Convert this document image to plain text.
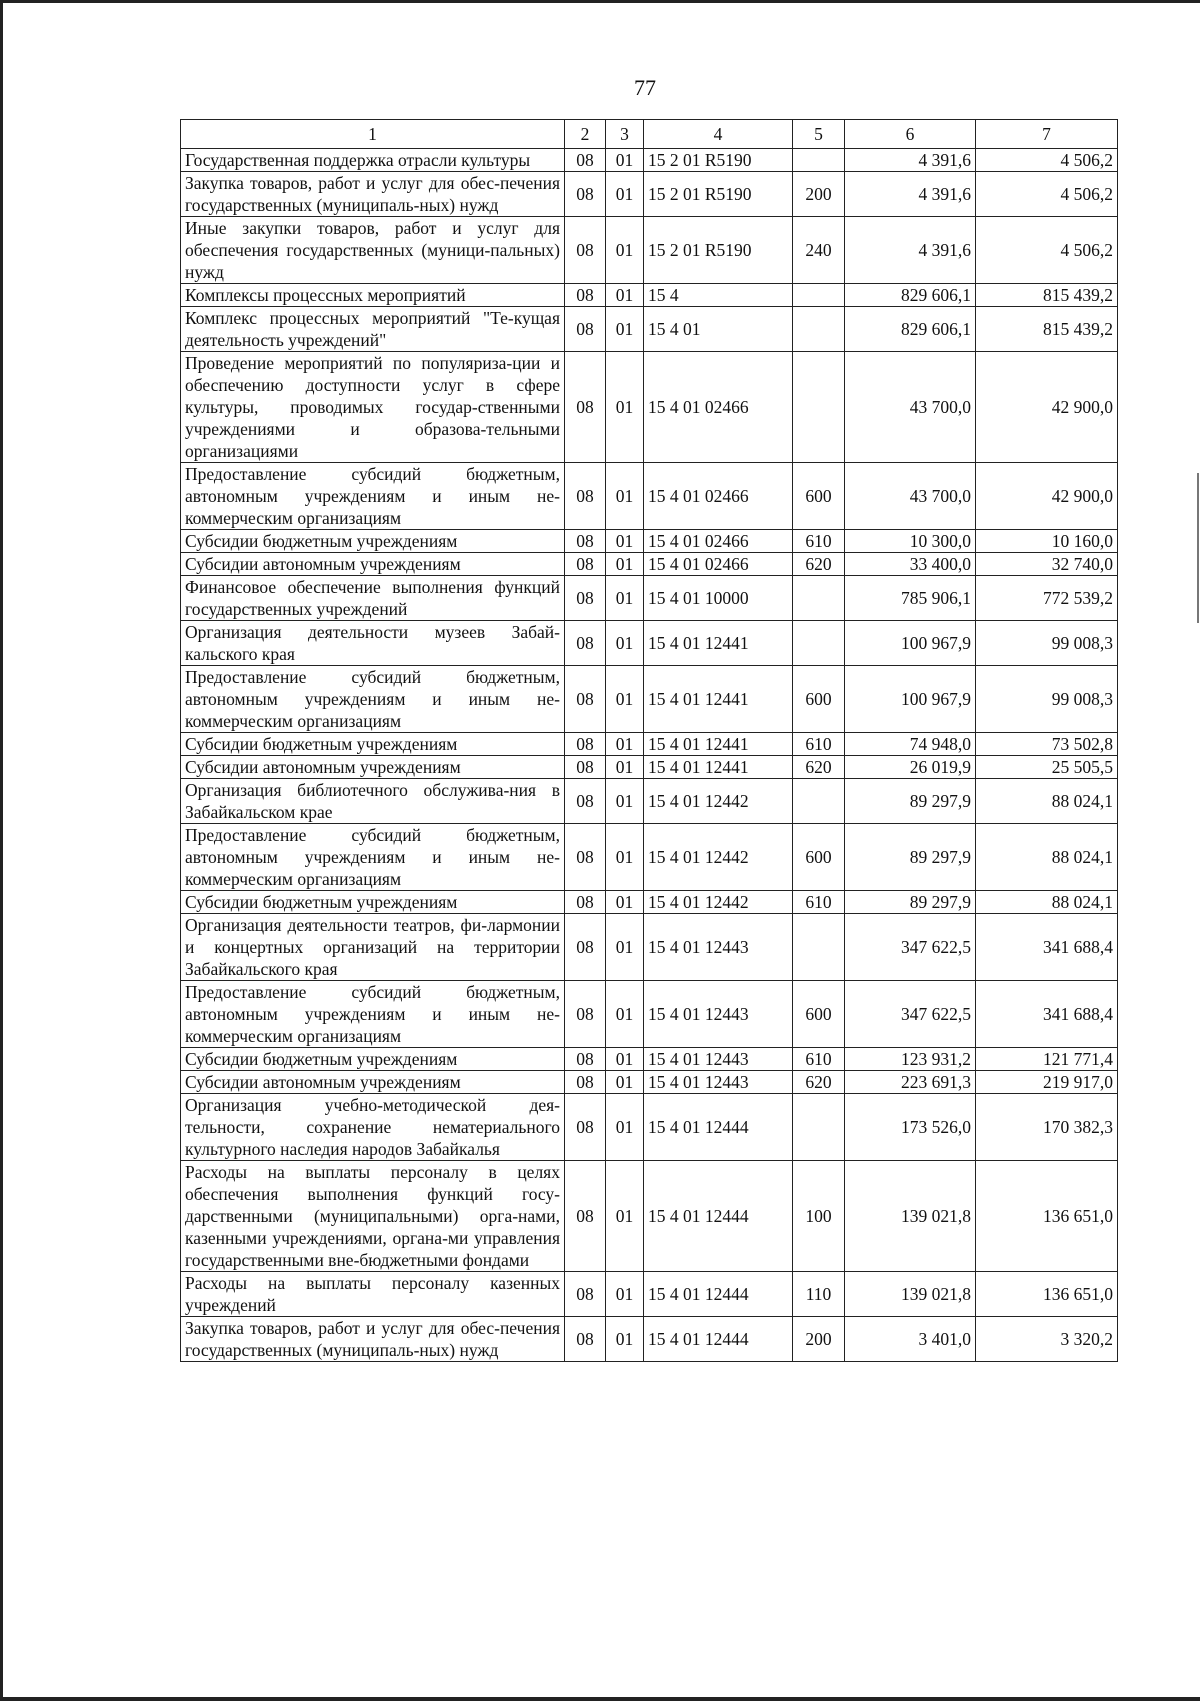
77
1	2	3	4	5	6	7
Государственная поддержка отрасли культуры	08	01	15 2 01 R5190		4 391,6	4 506,2
Закупка товаров, работ и услуг для обес-печения государственных (муниципаль-ных) нужд	08	01	15 2 01 R5190	200	4 391,6	4 506,2
Иные закупки товаров, работ и услуг для обеспечения государственных (муници-пальных) нужд	08	01	15 2 01 R5190	240	4 391,6	4 506,2
Комплексы процессных мероприятий	08	01	15 4		829 606,1	815 439,2
Комплекс процессных мероприятий "Те-кущая деятельность учреждений"	08	01	15 4 01		829 606,1	815 439,2
Проведение мероприятий по популяриза-ции и обеспечению доступности услуг в сфере культуры, проводимых государ-ственными учреждениями и образова-тельными организациями	08	01	15 4 01 02466		43 700,0	42 900,0
Предоставление субсидий бюджетным, автономным учреждениям и иным не-коммерческим организациям	08	01	15 4 01 02466	600	43 700,0	42 900,0
Субсидии бюджетным учреждениям	08	01	15 4 01 02466	610	10 300,0	10 160,0
Субсидии автономным учреждениям	08	01	15 4 01 02466	620	33 400,0	32 740,0
Финансовое обеспечение выполнения функций государственных учреждений	08	01	15 4 01 10000		785 906,1	772 539,2
Организация деятельности музеев Забай-кальского края	08	01	15 4 01 12441		100 967,9	99 008,3
Предоставление субсидий бюджетным, автономным учреждениям и иным не-коммерческим организациям	08	01	15 4 01 12441	600	100 967,9	99 008,3
Субсидии бюджетным учреждениям	08	01	15 4 01 12441	610	74 948,0	73 502,8
Субсидии автономным учреждениям	08	01	15 4 01 12441	620	26 019,9	25 505,5
Организация библиотечного обслужива-ния в Забайкальском крае	08	01	15 4 01 12442		89 297,9	88 024,1
Предоставление субсидий бюджетным, автономным учреждениям и иным не-коммерческим организациям	08	01	15 4 01 12442	600	89 297,9	88 024,1
Субсидии бюджетным учреждениям	08	01	15 4 01 12442	610	89 297,9	88 024,1
Организация деятельности театров, фи-лармонии и концертных организаций на территории Забайкальского края	08	01	15 4 01 12443		347 622,5	341 688,4
Предоставление субсидий бюджетным, автономным учреждениям и иным не-коммерческим организациям	08	01	15 4 01 12443	600	347 622,5	341 688,4
Субсидии бюджетным учреждениям	08	01	15 4 01 12443	610	123 931,2	121 771,4
Субсидии автономным учреждениям	08	01	15 4 01 12443	620	223 691,3	219 917,0
Организация учебно-методической дея-тельности, сохранение нематериального культурного наследия народов Забайкалья	08	01	15 4 01 12444		173 526,0	170 382,3
Расходы на выплаты персоналу в целях обеспечения выполнения функций госу-дарственными (муниципальными) орга-нами, казенными учреждениями, органа-ми управления государственными вне-бюджетными фондами	08	01	15 4 01 12444	100	139 021,8	136 651,0
Расходы на выплаты персоналу казенных учреждений	08	01	15 4 01 12444	110	139 021,8	136 651,0
Закупка товаров, работ и услуг для обес-печения государственных (муниципаль-ных) нужд	08	01	15 4 01 12444	200	3 401,0	3 320,2
